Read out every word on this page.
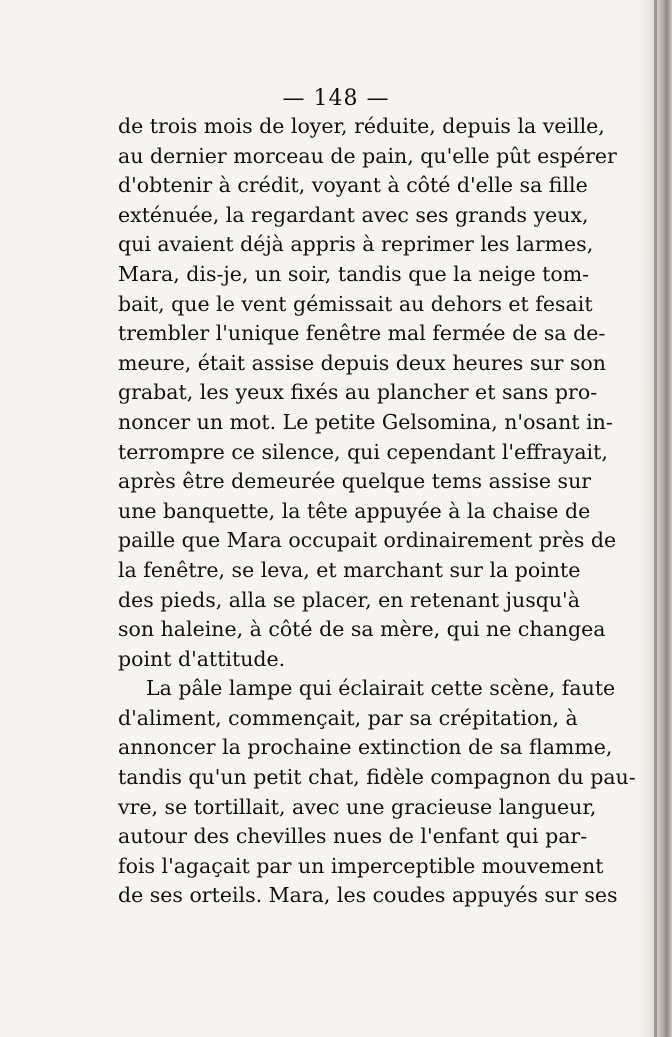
— 148 —
de trois mois de loyer, réduite, depuis la veille,
au dernier morceau de pain, qu'elle pût espérer
d'obtenir à crédit, voyant à côté d'elle sa fille
exténuée, la regardant avec ses grands yeux,
qui avaient déjà appris à reprimer les larmes,
Mara, dis-je, un soir, tandis que la neige tom-
bait, que le vent gémissait au dehors et fesait
trembler l'unique fenêtre mal fermée de sa de-
meure, était assise depuis deux heures sur son
grabat, les yeux fixés au plancher et sans pro-
noncer un mot. Le petite Gelsomina, n'osant in-
terrompre ce silence, qui cependant l'effrayait,
après être demeurée quelque tems assise sur
une banquette, la tête appuyée à la chaise de
paille que Mara occupait ordinairement près de
la fenêtre, se leva, et marchant sur la pointe
des pieds, alla se placer, en retenant jusqu'à
son haleine, à côté de sa mère, qui ne changea
point d'attitude.
La pâle lampe qui éclairait cette scène, faute
d'aliment, commençait, par sa crépitation, à
annoncer la prochaine extinction de sa flamme,
tandis qu'un petit chat, fidèle compagnon du pau-
vre, se tortillait, avec une gracieuse langueur,
autour des chevilles nues de l'enfant qui par-
fois l'agaçait par un imperceptible mouvement
de ses orteils. Mara, les coudes appuyés sur ses
